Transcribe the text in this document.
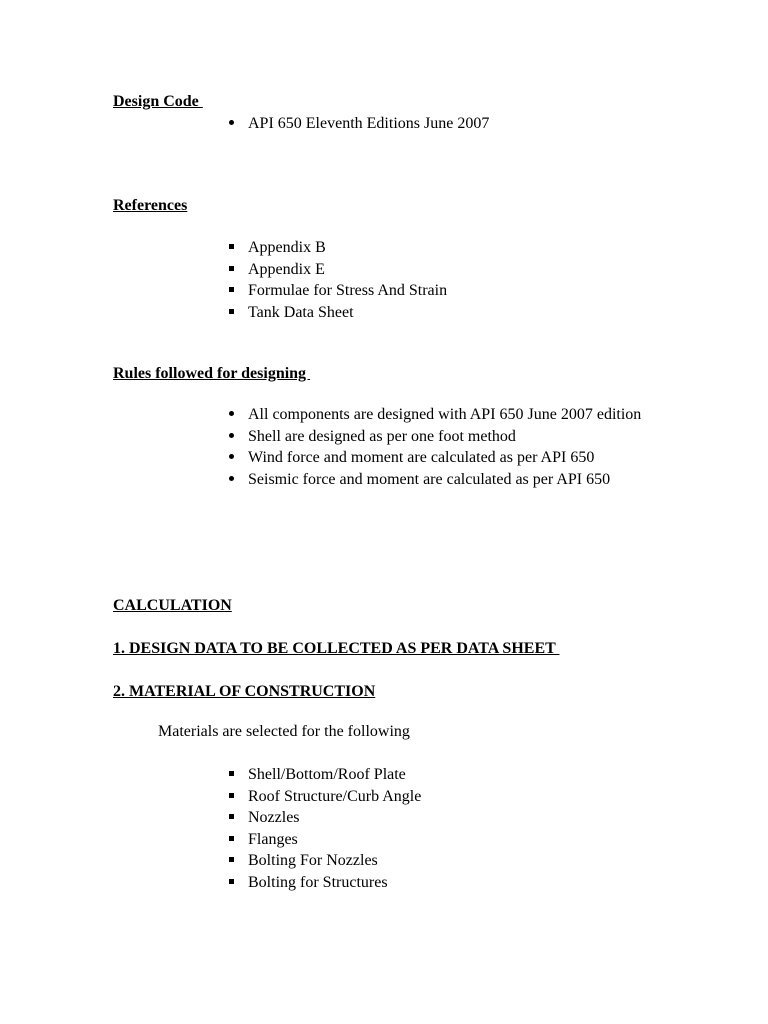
Design Code
API 650 Eleventh Editions June 2007
References
Appendix B
Appendix E
Formulae for Stress And Strain
Tank Data Sheet
Rules followed for designing
All components are designed with API 650 June 2007 edition
Shell are designed as per one foot method
Wind force and moment are calculated as per API 650
Seismic force and moment are calculated as per API 650
CALCULATION
1. DESIGN DATA TO BE COLLECTED AS PER DATA SHEET
2. MATERIAL OF CONSTRUCTION

Materials are selected for the following

Shell/Bottom/Roof Plate
Roof Structure/Curb Angle
Nozzles
Flanges
Bolting For Nozzles
Bolting for Structures
